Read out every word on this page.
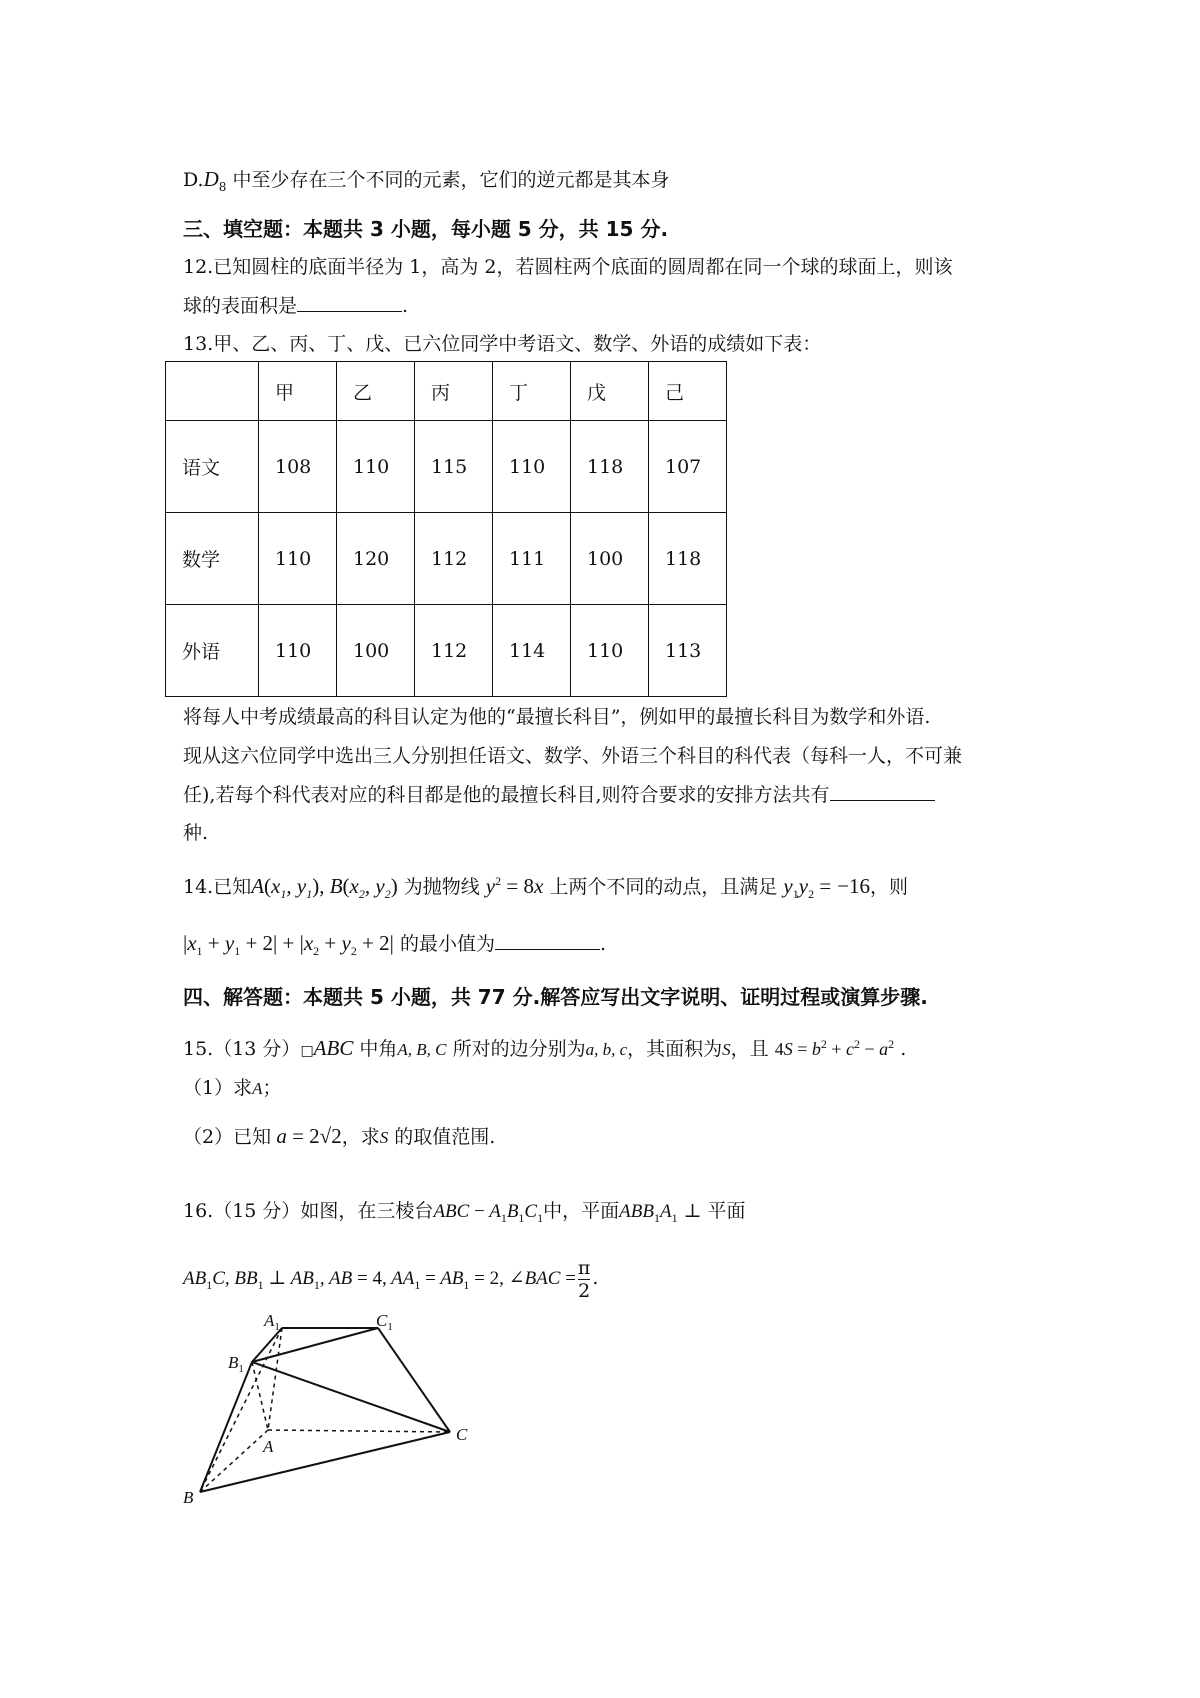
$D.D_8$ 中至少存在三个不同的元素，它们的逆元都是其本身
三、填空题：本题共 3 小题，每小题 5 分，共 15 分.
12.已知圆柱的底面半径为 1，高为 2，若圆柱两个底面的圆周都在同一个球的球面上，则该
球的表面积是	.
13.甲、乙、丙、丁、戊、已六位同学中考语文、数学、外语的成绩如下表：
	甲	乙	丙	丁	戊	己
语文	108	110	115	110	118	107
数学	110	120	112	111	100	118
外语	110	100	112	114	110	113
将每人中考成绩最高的科目认定为他的“最擅长科目”，例如甲的最擅长科目为数学和外语.
现从这六位同学中选出三人分别担任语文、数学、外语三个科目的科代表（每科一人，不可兼
任),若每个科代表对应的科目都是他的最擅长科目,则符合要求的安排方法共有
种.
14.已知$A(x_1$, $y_1$), $B(x_2$, $y_2$) 为抛物线 $y^2 = 8x$ 上两个不同的动点，且满足 $y_1y_2 = -16$，则
$|x_1 + y_1 + 2| + |x_2 + y_2 + 2|$ 的最小值为	.
四、解答题：本题共 5 小题，共 77 分.解答应写出文字说明、证明过程或演算步骤.
15.（13 分）□ABC 中角A, B, C 所对的边分别为a, b, c，其面积为S，且 $4S = b^2 + c^2 - a^2$ .
（1）求A；
（2）已知 a = 2√2，求S 的取值范围.
16.（15 分）如图，在三棱台ABC − $A_1B_1C_1$中，平面$ABB_1A_1$ ⊥ 平面
$AB_1C$, $BB_1$ ⊥ $AB_1$, AB = 4, $AA_1 = AB_1 = 2$, ∠BAC = $\frac{\pi}{2}$ .
$A_1$	$C_1$
$B_1$
A
C
B
